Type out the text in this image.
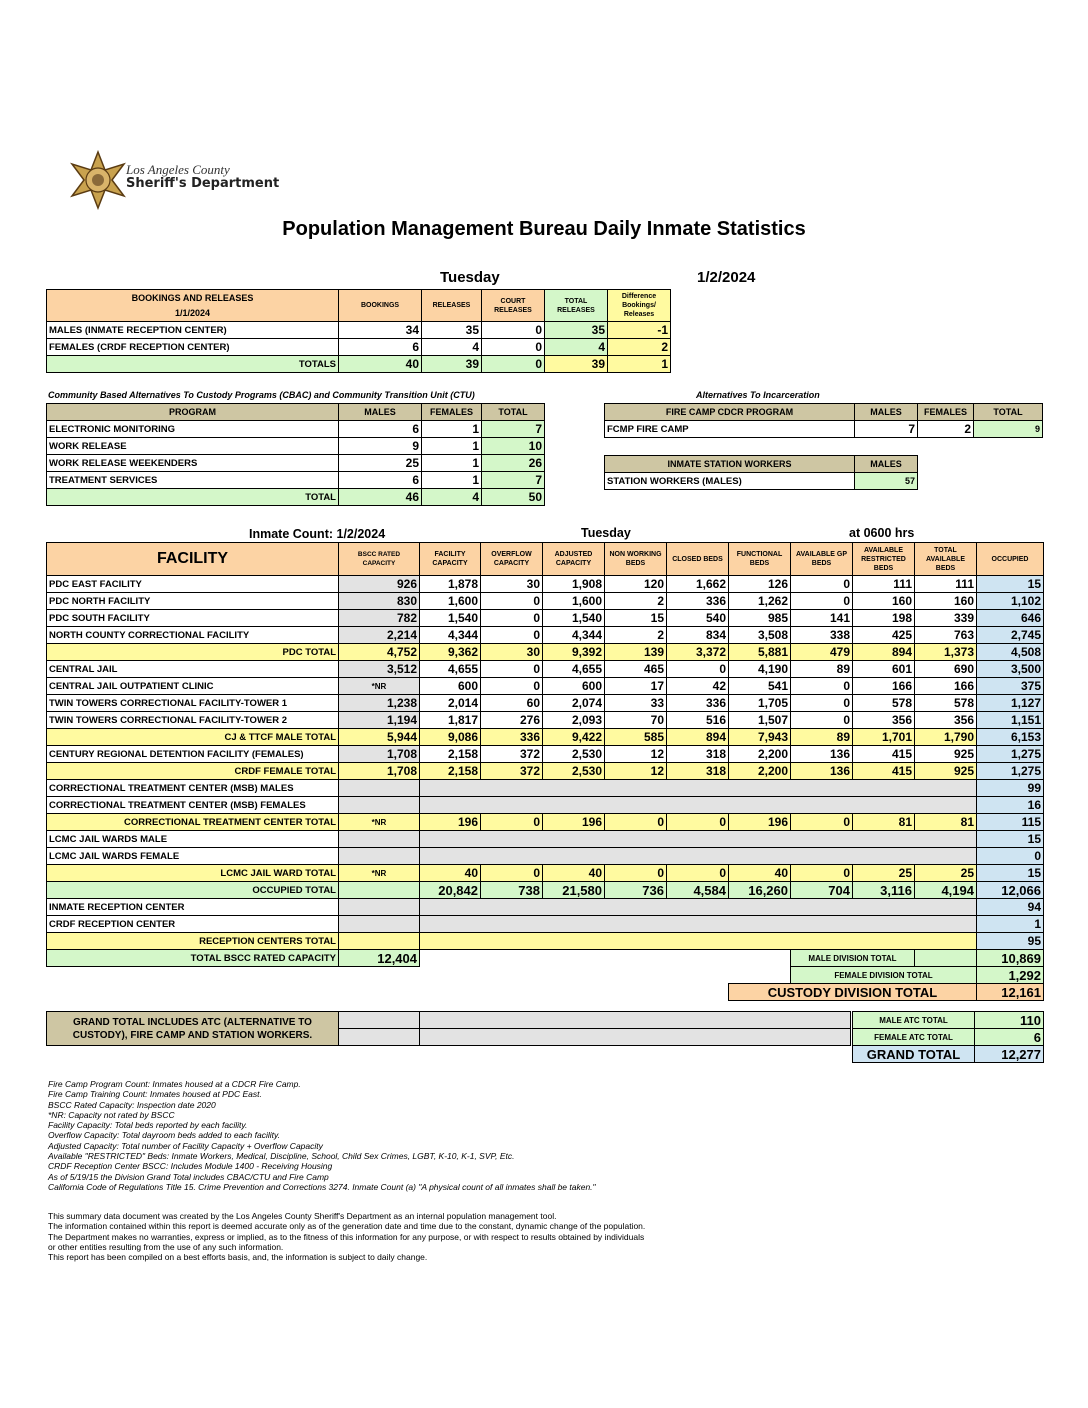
Los Angeles County
Sheriff's Department
Population Management Bureau Daily Inmate Statistics
Tuesday	1/2/2024
BOOKINGS AND RELEASES
1/1/2024	BOOKINGS	RELEASES	COURT RELEASES	TOTAL RELEASES	Difference Bookings/ Releases
MALES (INMATE RECEPTION CENTER)	34	35	0	35	-1
FEMALES (CRDF RECEPTION CENTER)	6	4	0	4	2
TOTALS	40	39	0	39	1
Community Based Alternatives To Custody Programs (CBAC) and Community Transition Unit (CTU)	Alternatives To Incarceration
PROGRAM	MALES	FEMALES	TOTAL
ELECTRONIC MONITORING	6	1	7
WORK RELEASE	9	1	10
WORK RELEASE WEEKENDERS	25	1	26
TREATMENT SERVICES	6	1	7
TOTAL	46	4	50
FIRE CAMP CDCR PROGRAM	MALES	FEMALES	TOTAL
FCMP FIRE CAMP	7	2	9
INMATE STATION WORKERS	MALES
STATION WORKERS (MALES)	57
Inmate Count: 1/2/2024	Tuesday	at 0600 hrs
FACILITY	BSCC RATED CAPACITY	FACILITY CAPACITY	OVERFLOW CAPACITY	ADJUSTED CAPACITY	NON WORKING BEDS	CLOSED BEDS	FUNCTIONAL BEDS	AVAILABLE GP BEDS	AVAILABLE RESTRICTED BEDS	TOTAL AVAILABLE BEDS	OCCUPIED
PDC EAST FACILITY	926	1,878	30	1,908	120	1,662	126	0	111	111	15
PDC NORTH FACILITY	830	1,600	0	1,600	2	336	1,262	0	160	160	1,102
PDC SOUTH FACILITY	782	1,540	0	1,540	15	540	985	141	198	339	646
NORTH COUNTY CORRECTIONAL FACILITY	2,214	4,344	0	4,344	2	834	3,508	338	425	763	2,745
PDC TOTAL	4,752	9,362	30	9,392	139	3,372	5,881	479	894	1,373	4,508
CENTRAL JAIL	3,512	4,655	0	4,655	465	0	4,190	89	601	690	3,500
CENTRAL JAIL OUTPATIENT CLINIC	*NR	600	0	600	17	42	541	0	166	166	375
TWIN TOWERS CORRECTIONAL FACILITY-TOWER 1	1,238	2,014	60	2,074	33	336	1,705	0	578	578	1,127
TWIN TOWERS CORRECTIONAL FACILITY-TOWER 2	1,194	1,817	276	2,093	70	516	1,507	0	356	356	1,151
CJ & TTCF MALE TOTAL	5,944	9,086	336	9,422	585	894	7,943	89	1,701	1,790	6,153
CENTURY REGIONAL DETENTION FACILITY (FEMALES)	1,708	2,158	372	2,530	12	318	2,200	136	415	925	1,275
CRDF FEMALE TOTAL	1,708	2,158	372	2,530	12	318	2,200	136	415	925	1,275
CORRECTIONAL TREATMENT CENTER (MSB) MALES											99
CORRECTIONAL TREATMENT CENTER (MSB) FEMALES											16
CORRECTIONAL TREATMENT CENTER TOTAL	*NR	196	0	196	0	0	196	0	81	81	115
LCMC JAIL WARDS MALE											15
LCMC JAIL WARDS FEMALE											0
LCMC JAIL WARD TOTAL	*NR	40	0	40	0	0	40	0	25	25	15
OCCUPIED TOTAL		20,842	738	21,580	736	4,584	16,260	704	3,116	4,194	12,066
INMATE RECEPTION CENTER											94
CRDF RECEPTION CENTER											1
RECEPTION CENTERS TOTAL											95
TOTAL BSCC RATED CAPACITY	12,404							MALE DIVISION TOTAL			10,869
								FEMALE DIVISION TOTAL			1,292
							CUSTODY DIVISION TOTAL				12,161
GRAND TOTAL INCLUDES ATC (ALTERNATIVE TO CUSTODY), FIRE CAMP AND STATION WORKERS.		

MALE ATC TOTAL	110
FEMALE ATC TOTAL	6
GRAND TOTAL	12,277
Fire Camp Program Count: Inmates housed at a CDCR Fire Camp.
Fire Camp Training Count: Inmates housed at PDC East.
BSCC Rated Capacity: Inspection date 2020
*NR: Capacity not rated by BSCC
Facility Capacity: Total beds reported by each facility.
Overflow Capacity: Total dayroom beds added to each facility.
Adjusted Capacity: Total number of Facility Capacity + Overflow Capacity
Available "RESTRICTED" Beds: Inmate Workers, Medical, Discipline, School, Child Sex Crimes, LGBT, K-10, K-1, SVP, Etc.
CRDF Reception Center BSCC: Includes Module 1400 - Receiving Housing
As of 5/19/15 the Division Grand Total includes CBAC/CTU and Fire Camp
California Code of Regulations Title 15. Crime Prevention and Corrections 3274. Inmate Count (a) "A physical count of all inmates shall be taken."
This summary data document was created by the Los Angeles County Sheriff's Department as an internal population management tool.
The information contained within this report is deemed accurate only as of the generation date and time due to the constant, dynamic change of the population.
The Department makes no warranties, express or implied, as to the fitness of this information for any purpose, or with respect to results obtained by individuals
or other entities resulting from the use of any such information.
This report has been compiled on a best efforts basis, and, the information is subject to daily change.
